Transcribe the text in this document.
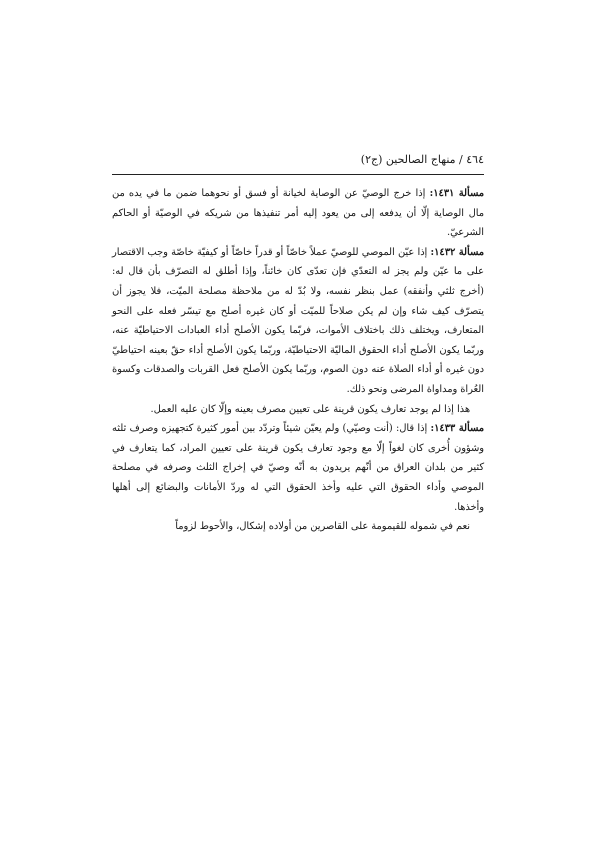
٤٦٤ / منهاج الصالحين (ج٢)

مسألة ١٤٣١: إذا خرج الوصيّ عن الوصاية لخيانة أو فسق أو نحوهما ضمن ما في يده من مال الوصاية إلّا أن يدفعه إلى من يعود إليه أمر تنفيذها من شريكه في الوصيّة أو الحاكم الشرعيّ.

مسألة ١٤٣٢: إذا عيّن الموصي للوصيّ عملاً خاصّاً أو قدراً خاصّاً أو كيفيّة خاصّة وجب الاقتصار على ما عيّن ولم يجز له التعدّي فإن تعدّى كان خائناً، وإذا أطلق له التصرّف بأن قال له: (أخرج ثلثي وأنفقه) عمل بنظر نفسه، ولا بُدّ له من ملاحظة مصلحة الميّت، فلا يجوز أن يتصرّف كيف شاء وإن لم يكن صلاحاً للميّت أو كان غيره أصلح مع تيسّر فعله على النحو المتعارف، ويختلف ذلك باختلاف الأموات، فربّما يكون الأصلح أداء العبادات الاحتياطيّة عنه، وربّما يكون الأصلح أداء الحقوق الماليّة الاحتياطيّة، وربّما يكون الأصلح أداء حقّ بعينه احتياطيّ دون غيره أو أداء الصلاة عنه دون الصوم، وربّما يكون الأصلح فعل القربات والصدقات وكسوة العُراة ومداواة المرضى ونحو ذلك.

هذا إذا لم يوجد تعارف يكون قرينة على تعيين مصرف بعينه وإلّا كان عليه العمل.

مسألة ١٤٣٣: إذا قال: (أنت وصيّي) ولم يعيّن شيئاً وتردّد بين أمور كثيرة كتجهيزه وصرف ثلثه وشؤون أُخرى كان لغواً إلّا مع وجود تعارف يكون قرينة على تعيين المراد، كما يتعارف في كثير من بلدان العراق من أنّهم يريدون به أنّه وصيّ في إخراج الثلث وصرفه في مصلحة الموصي وأداء الحقوق التي عليه وأخذ الحقوق التي له وردّ الأمانات والبضائع إلى أهلها وأخذها.

نعم في شموله للقيمومة على القاصرين من أولاده إشكال، والأحوط لزوماً
